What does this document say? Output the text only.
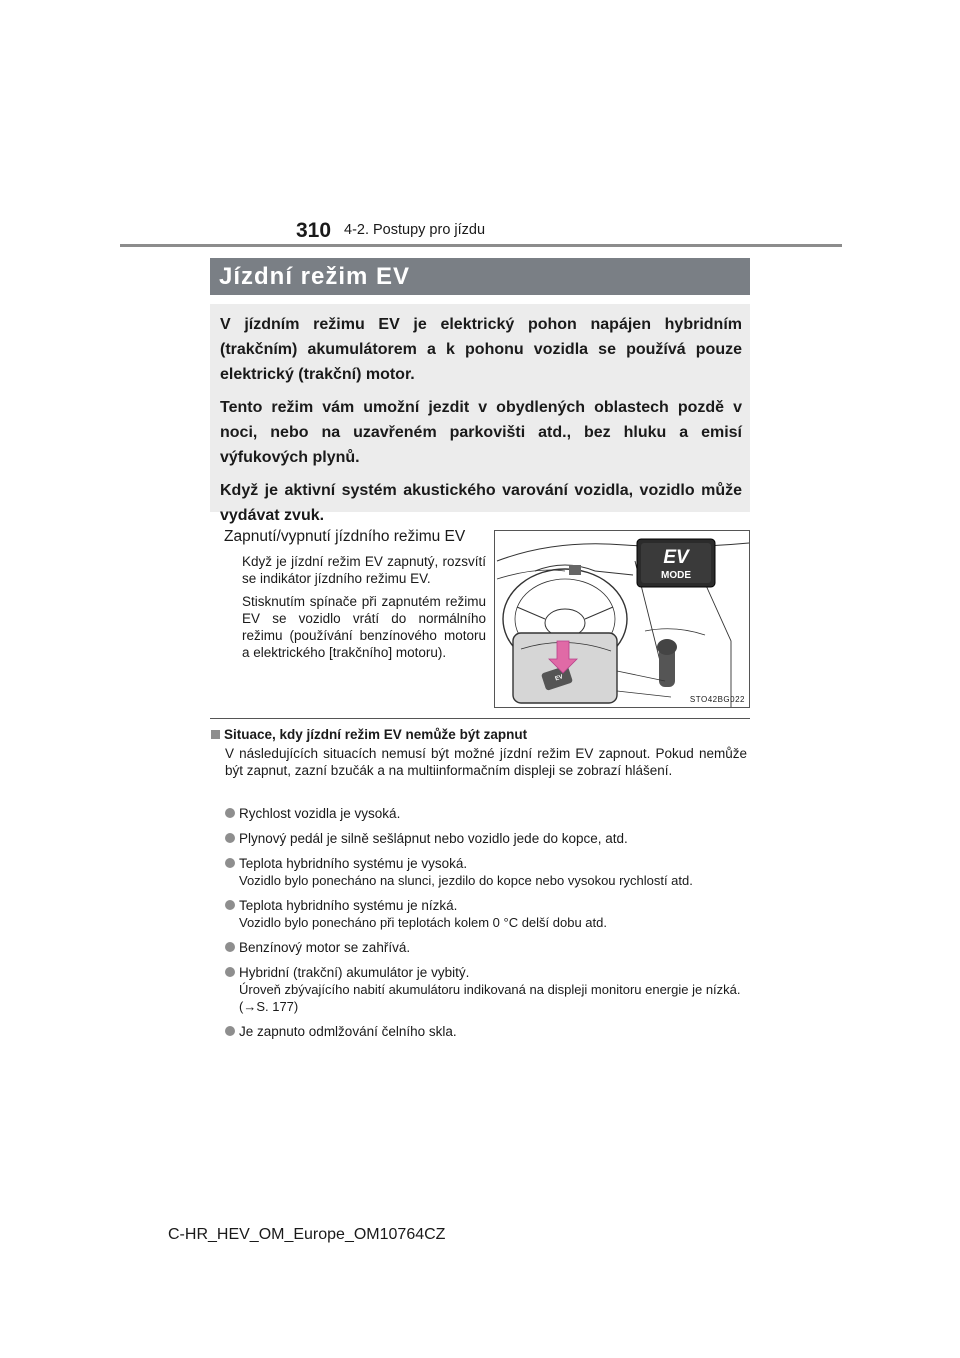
310 4-2. Postupy pro jízdu
Jízdní režim EV

V jízdním režimu EV je elektrický pohon napájen hybridním (trakčním) akumulátorem a k pohonu vozidla se používá pouze elektrický (trakční) motor.

Tento režim vám umožní jezdit v obydlených oblastech pozdě v noci, nebo na uzavřeném parkovišti atd., bez hluku a emisí výfukových plynů.

Když je aktivní systém akustického varování vozidla, vozidlo může vydávat zvuk.

Zapnutí/vypnutí jízdního režimu EV

Když je jízdní režim EV zapnutý, rozsvítí se indikátor jízdního režimu EV.

Stisknutím spínače při zapnutém režimu EV se vozidlo vrátí do normálního režimu (používání benzínového motoru a elektrického [trakčního] motoru).

EV
MODE
EV
STO42BG022
Situace, kdy jízdní režim EV nemůže být zapnut

V následujících situacích nemusí být možné jízdní režim EV zapnout. Pokud nemůže být zapnut, zazní bzučák a na multiinformačním displeji se zobrazí hlášení.

Rychlost vozidla je vysoká.
Plynový pedál je silně sešlápnut nebo vozidlo jede do kopce, atd.
Teplota hybridního systému je vysoká.
Vozidlo bylo ponecháno na slunci, jezdilo do kopce nebo vysokou rychlostí atd.
Teplota hybridního systému je nízká.
Vozidlo bylo ponecháno při teplotách kolem 0 °C delší dobu atd.
Benzínový motor se zahřívá.
Hybridní (trakční) akumulátor je vybitý.
Úroveň zbývajícího nabití akumulátoru indikovaná na displeji monitoru energie je nízká. (→S. 177)
Je zapnuto odmlžování čelního skla.
C-HR_HEV_OM_Europe_OM10764CZ
